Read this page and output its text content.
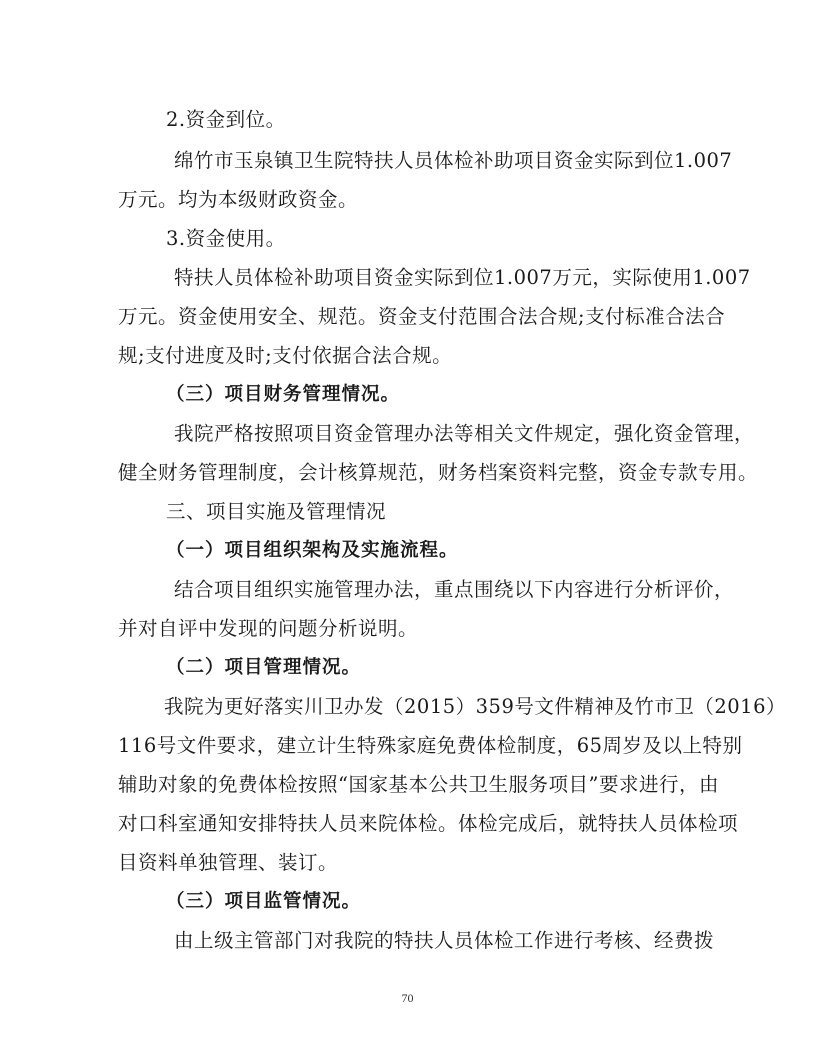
2.资金到位。
绵竹市玉泉镇卫生院特扶人员体检补助项目资金实际到位1.007
万元。均为本级财政资金。
3.资金使用。
特扶人员体检补助项目资金实际到位1.007万元，实际使用1.007
万元。资金使用安全、规范。资金支付范围合法合规;支付标准合法合
规;支付进度及时;支付依据合法合规。
（三）项目财务管理情况。
我院严格按照项目资金管理办法等相关文件规定，强化资金管理，
健全财务管理制度，会计核算规范，财务档案资料完整，资金专款专用。
三、项目实施及管理情况
（一）项目组织架构及实施流程。
结合项目组织实施管理办法，重点围绕以下内容进行分析评价，
并对自评中发现的问题分析说明。
（二）项目管理情况。
我院为更好落实川卫办发（2015）359号文件精神及竹市卫（2016）
116号文件要求，建立计生特殊家庭免费体检制度，65周岁及以上特别
辅助对象的免费体检按照“国家基本公共卫生服务项目”要求进行，由
对口科室通知安排特扶人员来院体检。体检完成后，就特扶人员体检项
目资料单独管理、装订。
（三）项目监管情况。
由上级主管部门对我院的特扶人员体检工作进行考核、经费拨
70
